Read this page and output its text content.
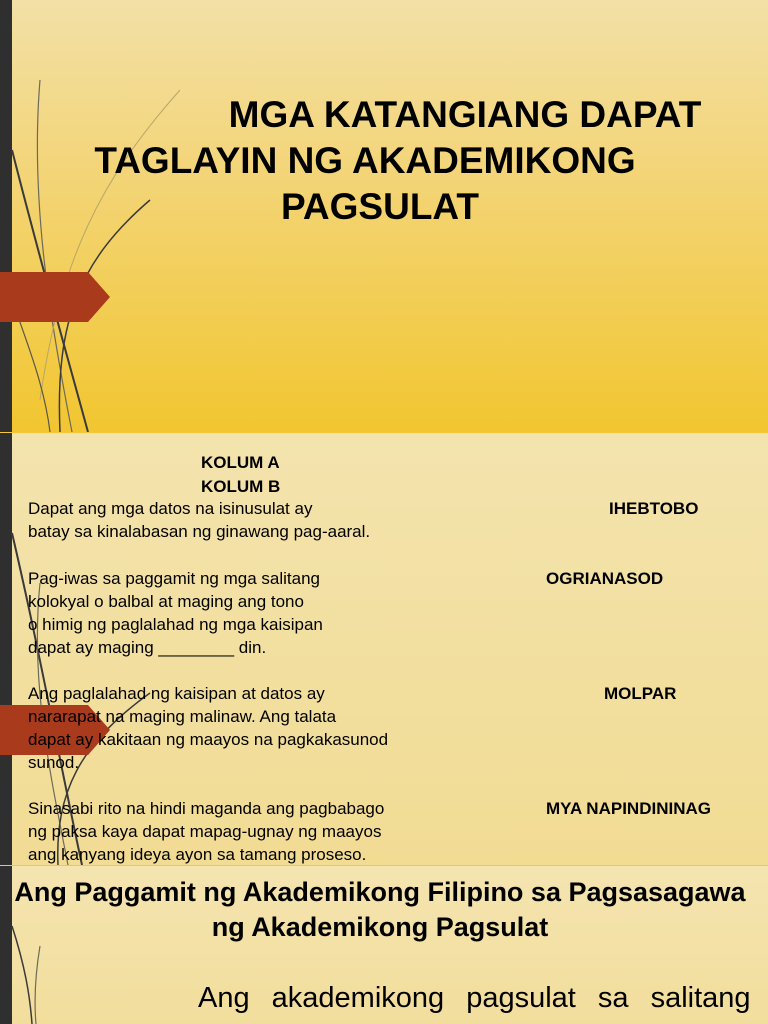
MGA KATANGIANG DAPAT
TAGLAYIN NG AKADEMIKONG
PAGSULAT
KOLUM A
KOLUM B
Dapat ang mga datos na isinusulat ay
batay sa kinalabasan ng ginawang pag-aaral.
IHEBTOBO
Pag-iwas sa paggamit ng mga salitang
kolokyal o balbal at maging ang tono
o himig ng paglalahad ng mga kaisipan
dapat ay maging ________ din.
OGRIANASOD
Ang paglalahad ng kaisipan at datos ay
nararapat na maging malinaw. Ang talata
dapat ay kakitaan ng maayos na pagkakasunod
sunod.
MOLPAR
Sinasabi rito na hindi maganda ang pagbabago
ng paksa kaya dapat mapag-ugnay ng maayos
ang kanyang ideya ayon sa tamang proseso.
MYA NAPINDININAG
Ang Paggamit ng Akademikong Filipino sa Pagsasagawa ng Akademikong Pagsulat
Ang akademikong pagsulat sa salitang
